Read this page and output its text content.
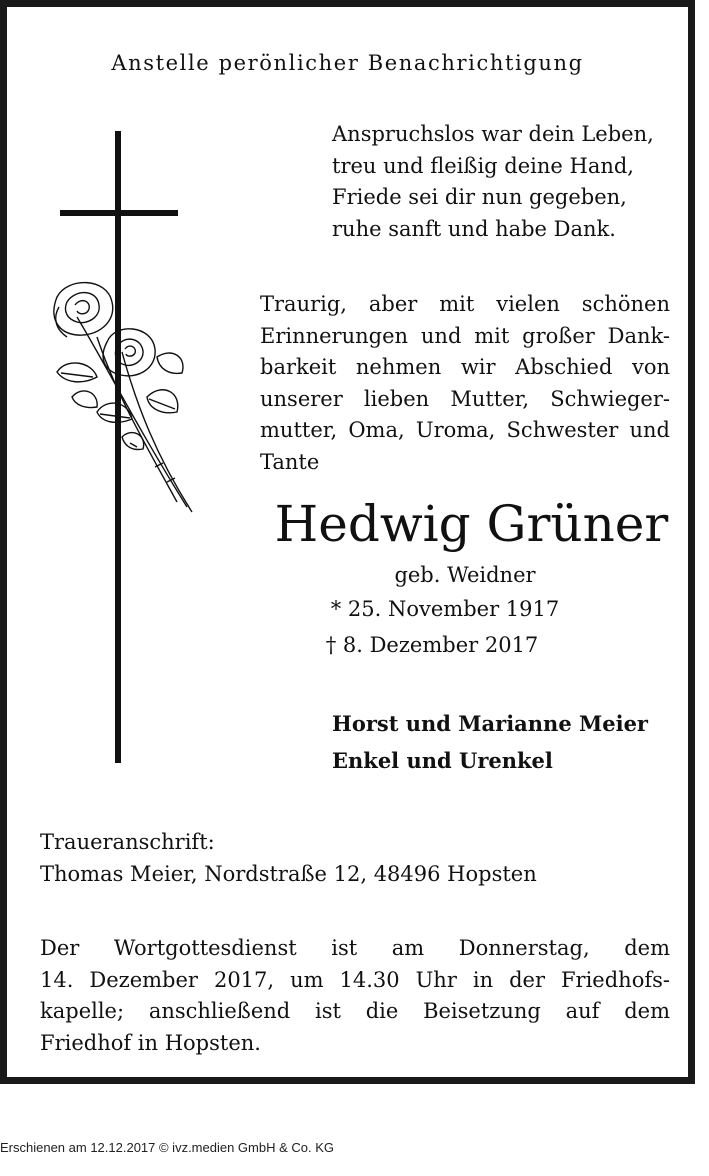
Anstelle perönlicher Benachrichtigung
Anspruchslos war dein Leben,
treu und fleißig deine Hand,
Friede sei dir nun gegeben,
ruhe sanft und habe Dank.
Traurig, aber mit vielen schönen
Erinnerungen und mit großer Dank-
barkeit nehmen wir Abschied von
unserer lieben Mutter, Schwieger-
mutter, Oma, Uroma, Schwester und
Tante
Hedwig Grüner
geb. Weidner
* 25. November 1917
† 8. Dezember 2017
Horst und Marianne Meier
Enkel und Urenkel
Traueranschrift:
Thomas Meier, Nordstraße 12, 48496 Hopsten
Der Wortgottesdienst ist am Donnerstag, dem
14. Dezember 2017, um 14.30 Uhr in der Friedhofs-
kapelle; anschließend ist die Beisetzung auf dem
Friedhof in Hopsten.
Erschienen am 12.12.2017 © ivz.medien GmbH & Co. KG
